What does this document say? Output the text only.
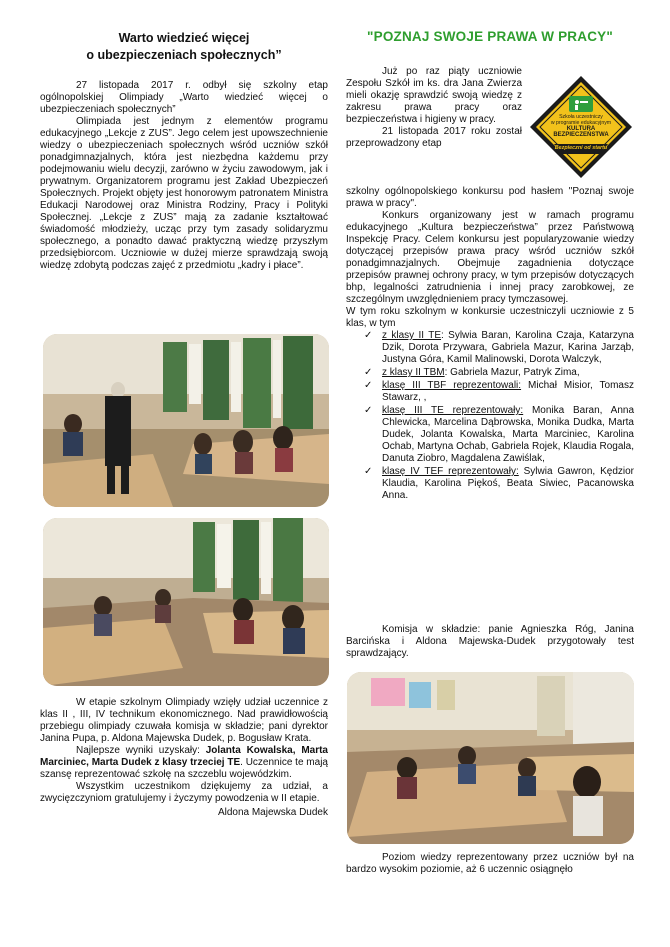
Warto wiedzieć więcej
o ubezpieczeniach społecznych”

27 listopada 2017 r. odbył się szkolny etap ogólnopolskiej Olimpiady „Warto wiedzieć więcej o ubezpieczeniach społecznych”

Olimpiada jest jednym z elementów programu edukacyjnego „Lekcje z ZUS”. Jego celem jest upowszechnienie wiedzy o ubezpieczeniach społecznych wśród uczniów szkół ponadgimnazjalnych, która jest niezbędna każdemu przy podejmowaniu wielu decyzji, zarówno w życiu zawodowym, jak i prywatnym. Organizatorem programu jest Zakład Ubezpieczeń Społecznych. Projekt objęty jest honorowym patronatem Ministra Edukacji Narodowej oraz Ministra Rodziny, Pracy i Polityki Społecznej. „Lekcje z ZUS” mają za zadanie kształtować świadomość młodzieży, ucząc przy tym zasady solidaryzmu społecznego, a ponadto dawać praktyczną wiedzę przyszłym przedsiębiorcom. Uczniowie w dużej mierze sprawdzają swoją wiedzę zdobytą podczas zajęć z przedmiotu „kadry i płace”.

W etapie szkolnym Olimpiady wzięły udział uczennice z klas II , III, IV technikum ekonomicznego. Nad prawidłowością przebiegu olimpiady czuwała komisja w składzie; pani dyrektor Janina Pupa, p. Aldona Majewska Dudek, p. Bogusław Krata.

Najlepsze wyniki uzyskały: Jolanta Kowalska, Marta Marciniec, Marta Dudek z klasy trzeciej TE. Uczennice te mają szansę reprezentować szkołę na szczeblu wojewódzkim.

Wszystkim uczestnikom dziękujemy za udział, a zwycięzczyniom gratulujemy i życzymy powodzenia w II etapie.

Aldona Majewska Dudek

"POZNAJ SWOJE PRAWA W PRACY"
Szkoła uczestniczy
w programie edukacyjnym
KULTURA
BEZPIECZEŃSTWA
Bezpieczni od startu

Już po raz piąty uczniowie Zespołu Szkół im ks. dra Jana Zwierza mieli okazję sprawdzić swoją wiedzę z zakresu prawa pracy oraz bezpieczeństwa i higieny w pracy.

21 listopada 2017 roku został przeprowadzony etap

szkolny ogólnopolskiego konkursu pod hasłem "Poznaj swoje prawa w pracy".

Konkurs organizowany jest w ramach programu edukacyjnego „Kultura bezpieczeństwa” przez Państwową Inspekcję Pracy. Celem konkursu jest popularyzowanie wiedzy dotyczącej przepisów prawa pracy wśród uczniów szkół ponadgimnazjalnych. Obejmuje zagadnienia dotyczące przepisów prawnej ochrony pracy, w tym przepisów dotyczących bhp, legalności zatrudnienia i innej pracy zarobkowej, ze szczególnym uwzględnieniem pracy tymczasowej.

W tym roku szkolnym w konkursie uczestniczyli uczniowie z 5 klas, w tym

✓ z klasy II TE: Sylwia Baran, Karolina Czaja, Katarzyna Dzik, Dorota Przywara, Gabriela Mazur, Karina Jarząb, Justyna Góra, Kamil Malinowski, Dorota Walczyk,
✓ z klasy II TBM: Gabriela Mazur, Patryk Zima,
✓ klasę III TBF reprezentowali: Michał Misior, Tomasz Stawarz, ,
✓ klasę III TE reprezentowały: Monika Baran, Anna Chlewicka, Marcelina Dąbrowska, Monika Dudka, Marta Dudek, Jolanta Kowalska, Marta Marciniec, Karolina Ochab, Martyna Ochab, Gabriela Rojek, Klaudia Rogala, Danuta Ziobro, Magdalena Zawiślak,
✓ klasę IV TEF reprezentowały: Sylwia Gawron, Kędzior Klaudia, Karolina Piękoś, Beata Siwiec, Pacanowska Anna.

Komisja w składzie: panie Agnieszka Róg, Janina Barcińska i Aldona Majewska-Dudek przygotowały test sprawdzający.

Poziom wiedzy reprezentowany przez uczniów był na bardzo wysokim poziomie, aż 6 uczennic osiągnęło
